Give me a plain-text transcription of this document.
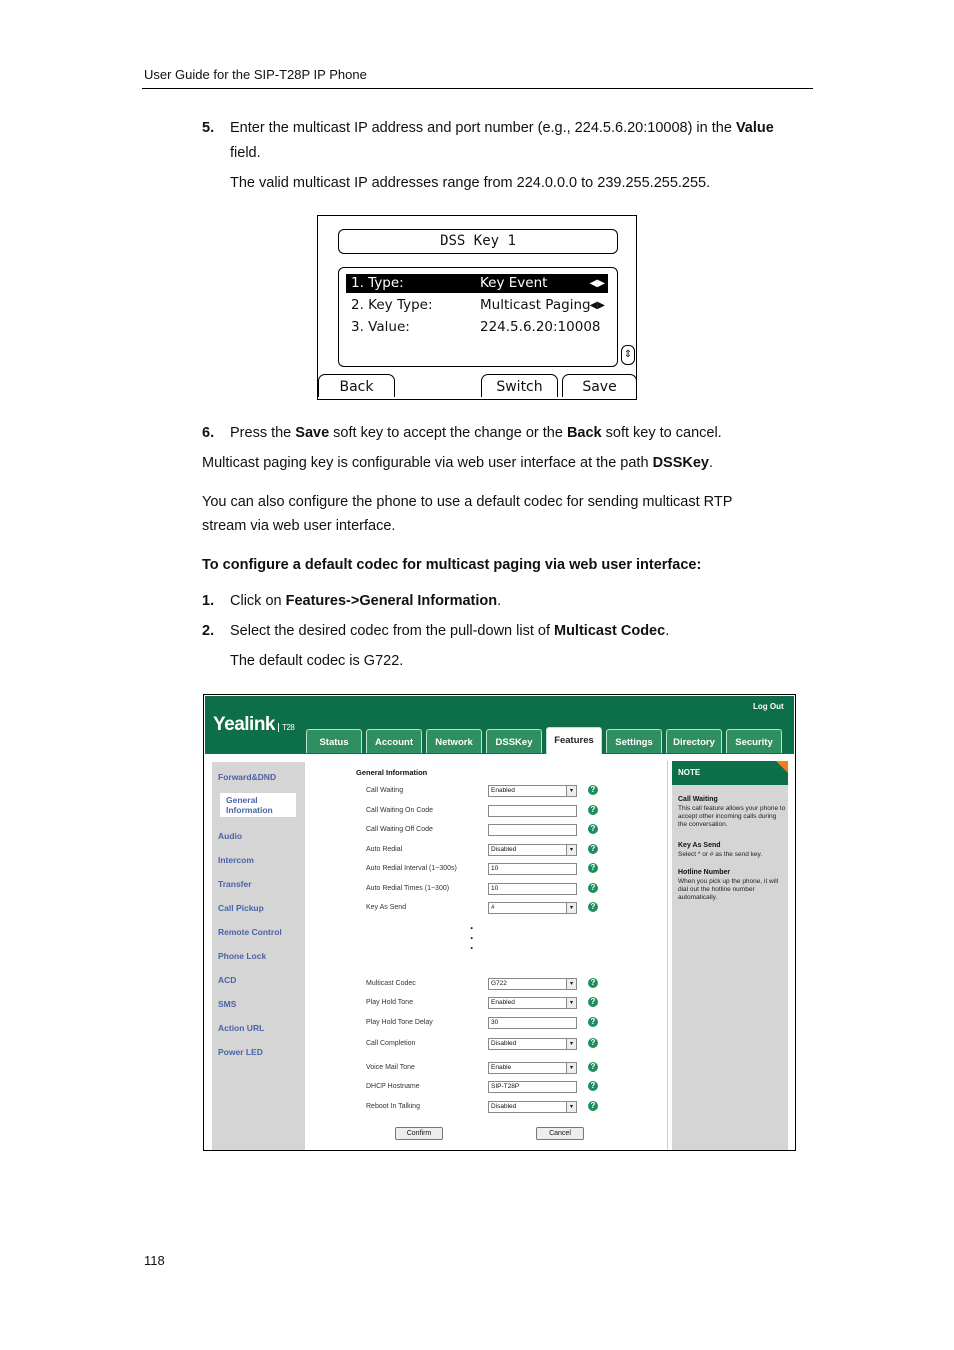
User Guide for the SIP-T28P IP Phone
5. Enter the multicast IP address and port number (e.g., 224.5.6.20:10008) in the Value
field.
The valid multicast IP addresses range from 224.0.0.0 to 239.255.255.255.
DSS Key 1
1. Type:	Key Event	◀▶
2. Key Type:	Multicast Paging ◀▶
3. Value:	224.5.6.20:10008
⇕
Back	Switch	Save
6. Press the Save soft key to accept the change or the Back soft key to cancel.
Multicast paging key is configurable via web user interface at the path DSSKey.
You can also configure the phone to use a default codec for sending multicast RTP
stream via web user interface.
To configure a default codec for multicast paging via web user interface:
1. Click on Features->General Information.
2. Select the desired codec from the pull-down list of Multicast Codec.
The default codec is G722.
Yealink T28
Log Out
Status	Account	Network	DSSKey	Features	Settings	Directory	Security
Forward&DND
General Information
Audio
Intercom
Transfer
Call Pickup
Remote Control
Phone Lock
ACD
SMS
Action URL
Power LED
General Information
Call Waiting	Enabled	▾	?
Call Waiting On Code	?
Call Waiting Off Code	?
Auto Redial	Disabled	▾	?
Auto Redial Interval (1~300s)	10	?
Auto Redial Times (1~300)	10	?
Key As Send	#	▾	?
·
·
·
Multicast Codec	G722	▾	?
Play Hold Tone	Enabled	▾	?
Play Hold Tone Delay	30	?
Call Completion	Disabled	▾	?
Voice Mail Tone	Enable	▾	?
DHCP Hostname	SIP-T28P	?
Reboot In Talking	Disabled	▾	?
Confirm	Cancel
NOTE
Call Waiting
This call feature allows your phone to accept other incoming calls during the conversation.
Key As Send
Select * or # as the send key.
Hotline Number
When you pick up the phone, it will dial out the hotline number automatically.
118
